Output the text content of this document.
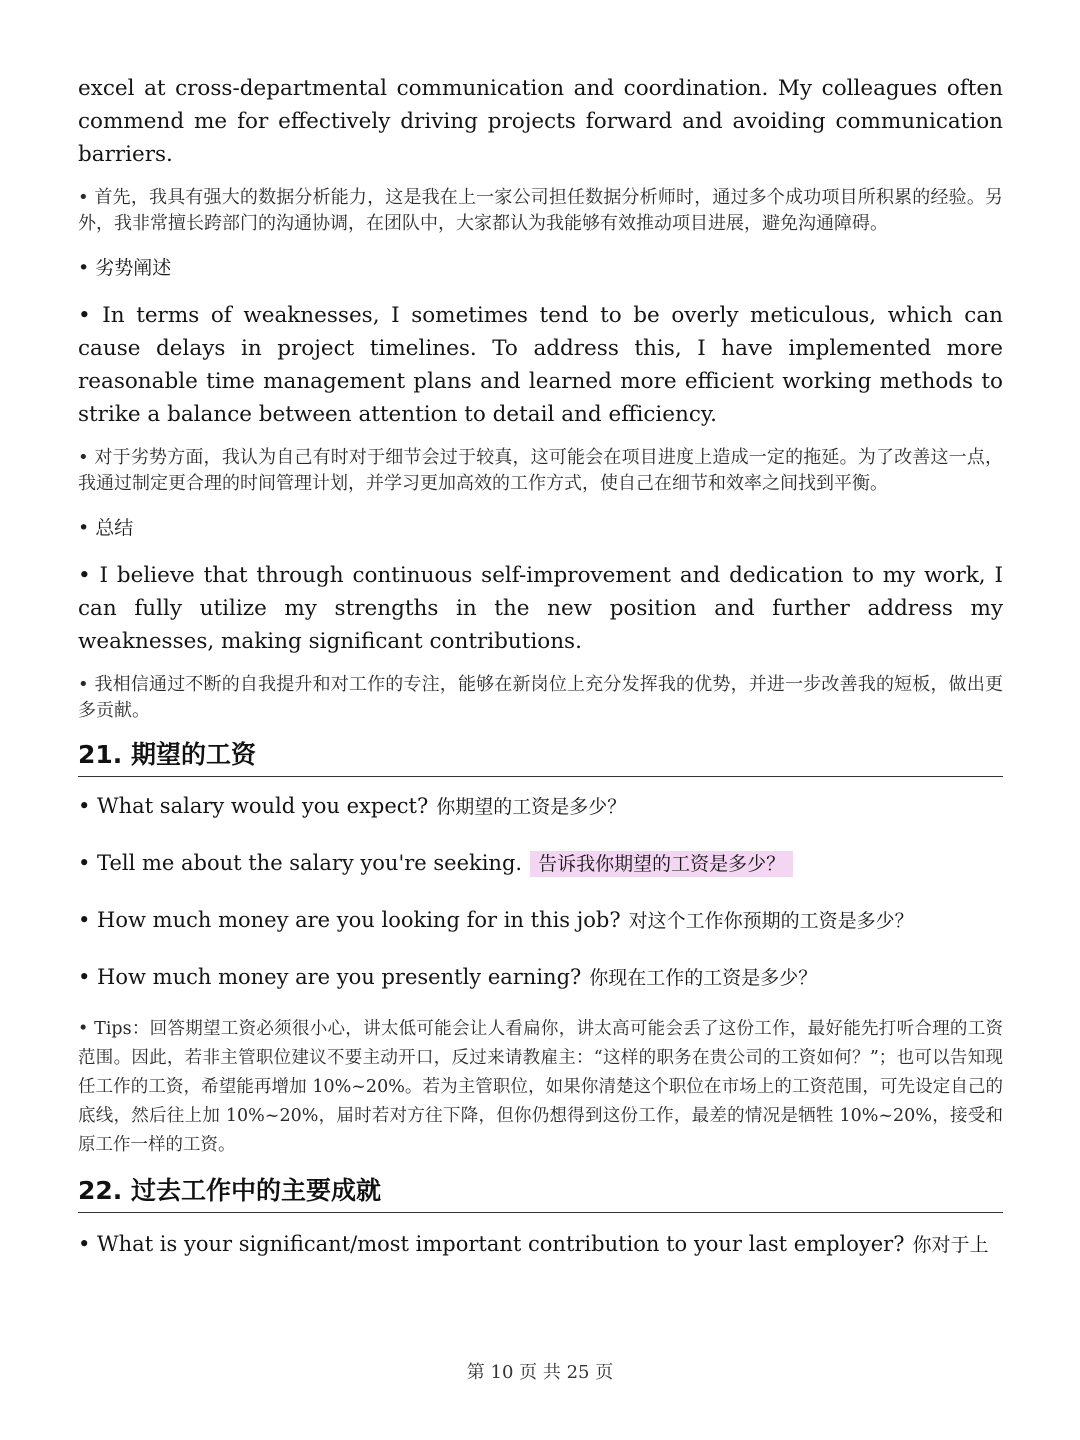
excel at cross-departmental communication and coordination. My colleagues often commend me for effectively driving projects forward and avoiding communication barriers.

• 首先，我具有强大的数据分析能力，这是我在上一家公司担任数据分析师时，通过多个成功项目所积累的经验。另外，我非常擅长跨部门的沟通协调，在团队中，大家都认为我能够有效推动项目进展，避免沟通障碍。

• 劣势阐述

• In terms of weaknesses, I sometimes tend to be overly meticulous, which can cause delays in project timelines. To address this, I have implemented more reasonable time management plans and learned more efficient working methods to strike a balance between attention to detail and efficiency.

• 对于劣势方面，我认为自己有时对于细节会过于较真，这可能会在项目进度上造成一定的拖延。为了改善这一点，我通过制定更合理的时间管理计划，并学习更加高效的工作方式，使自己在细节和效率之间找到平衡。

• 总结

• I believe that through continuous self-improvement and dedication to my work, I can fully utilize my strengths in the new position and further address my weaknesses, making significant contributions.

• 我相信通过不断的自我提升和对工作的专注，能够在新岗位上充分发挥我的优势，并进一步改善我的短板，做出更多贡献。

21. 期望的工资

• What salary would you expect? 你期望的工资是多少？

• Tell me about the salary you're seeking. 告诉我你期望的工资是多少？

• How much money are you looking for in this job? 对这个工作你预期的工资是多少？

• How much money are you presently earning? 你现在工作的工资是多少？

• Tips：回答期望工资必须很小心，讲太低可能会让人看扁你，讲太高可能会丢了这份工作，最好能先打听合理的工资范围。因此，若非主管职位建议不要主动开口，反过来请教雇主：“这样的职务在贵公司的工资如何？”；也可以告知现任工作的工资，希望能再增加 10%~20%。若为主管职位，如果你清楚这个职位在市场上的工资范围，可先设定自己的底线，然后往上加 10%~20%，届时若对方往下降，但你仍想得到这份工作，最差的情况是牺牲 10%~20%，接受和原工作一样的工资。

22. 过去工作中的主要成就

• What is your significant/most important contribution to your last employer? 你对于上

第 10 页 共 25 页
